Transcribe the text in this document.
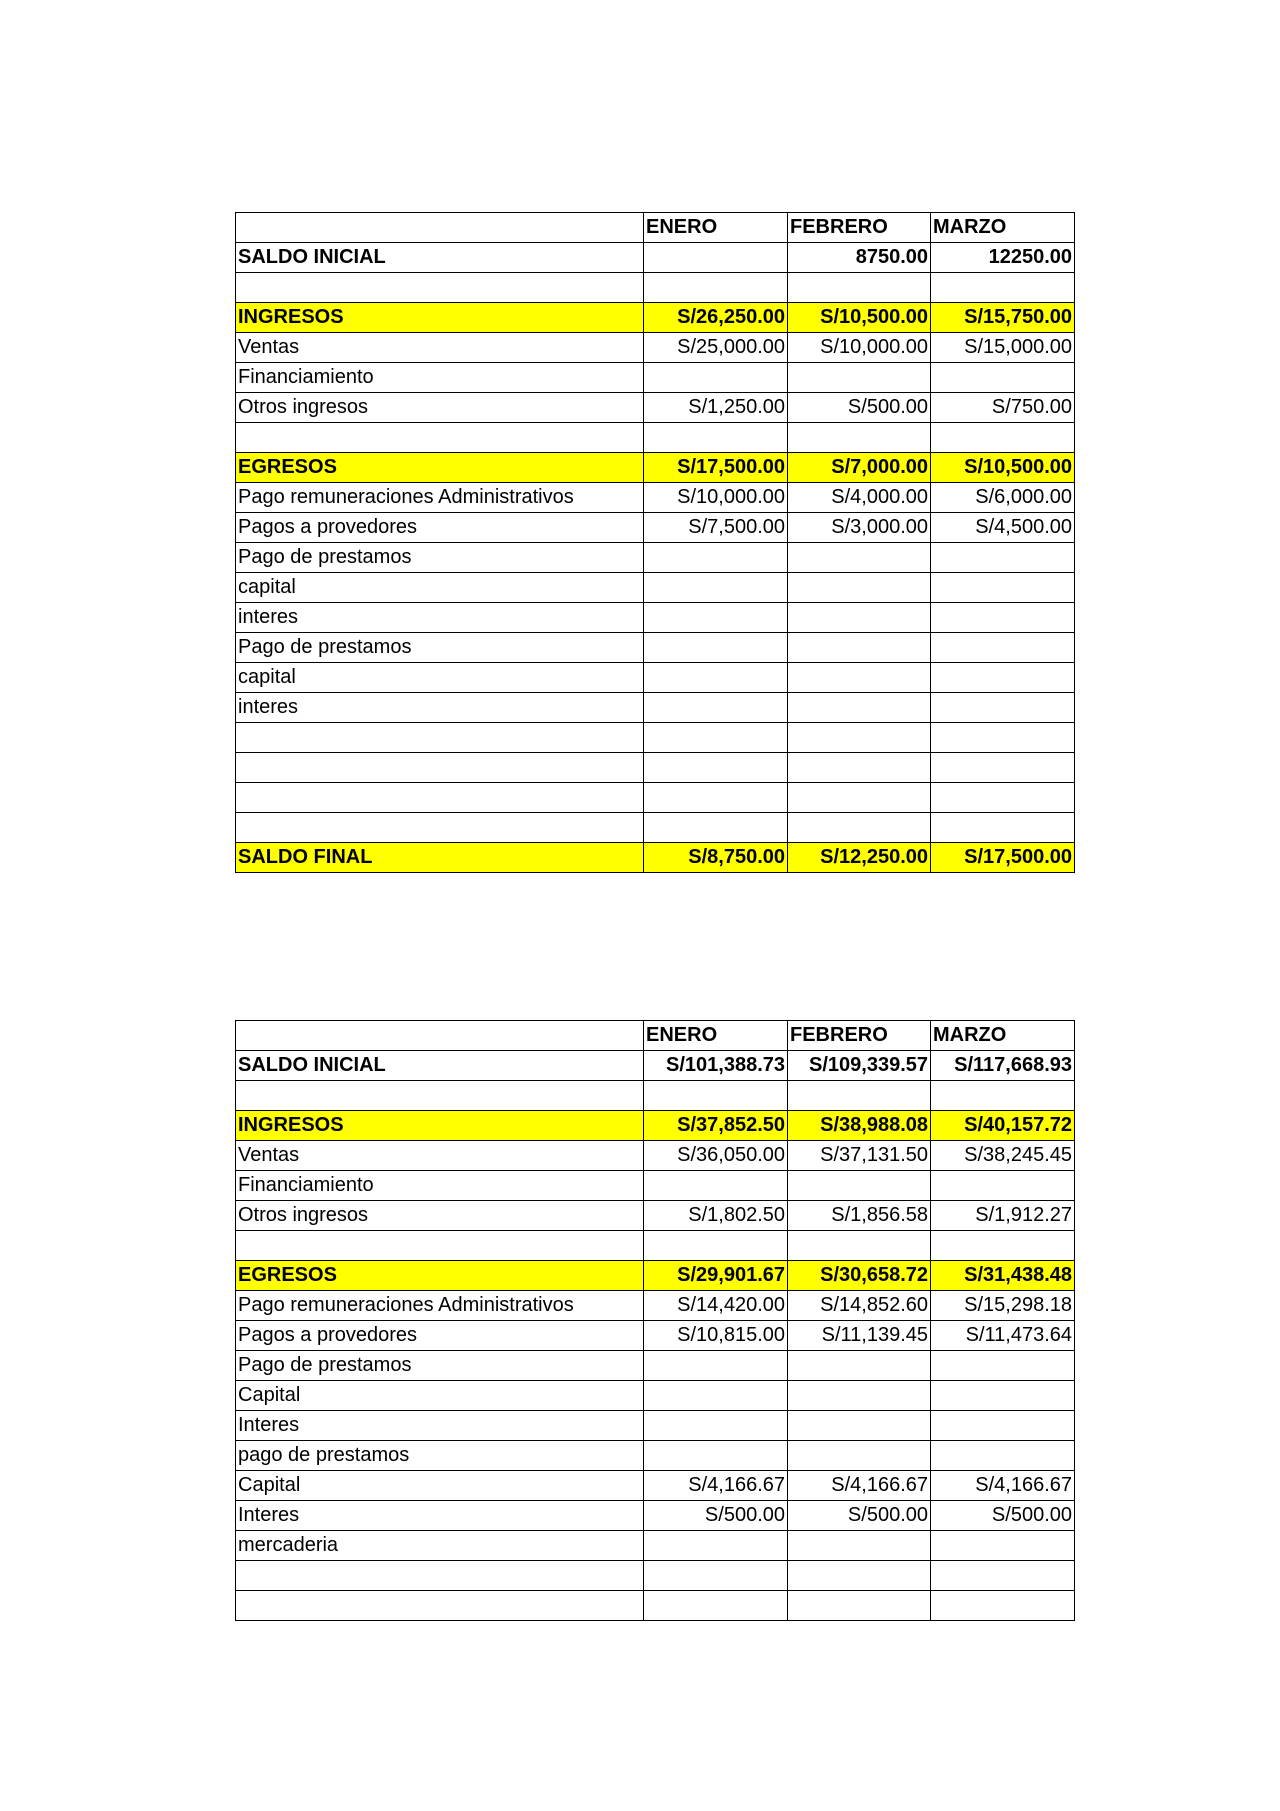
	ENERO	FEBRERO	MARZO
SALDO INICIAL		8750.00	12250.00

INGRESOS	S/26,250.00	S/10,500.00	S/15,750.00
Ventas	S/25,000.00	S/10,000.00	S/15,000.00
Financiamiento			
Otros ingresos	S/1,250.00	S/500.00	S/750.00

EGRESOS	S/17,500.00	S/7,000.00	S/10,500.00
Pago remuneraciones Administrativos	S/10,000.00	S/4,000.00	S/6,000.00
Pagos a provedores	S/7,500.00	S/3,000.00	S/4,500.00
Pago de prestamos			
capital			
interes			
Pago de prestamos			
capital			
interes			

SALDO FINAL	S/8,750.00	S/12,250.00	S/17,500.00
	ENERO	FEBRERO	MARZO
SALDO INICIAL	S/101,388.73	S/109,339.57	S/117,668.93

INGRESOS	S/37,852.50	S/38,988.08	S/40,157.72
Ventas	S/36,050.00	S/37,131.50	S/38,245.45
Financiamiento			
Otros ingresos	S/1,802.50	S/1,856.58	S/1,912.27

EGRESOS	S/29,901.67	S/30,658.72	S/31,438.48
Pago remuneraciones Administrativos	S/14,420.00	S/14,852.60	S/15,298.18
Pagos a provedores	S/10,815.00	S/11,139.45	S/11,473.64
Pago de prestamos			
Capital			
Interes			
pago de prestamos			
Capital	S/4,166.67	S/4,166.67	S/4,166.67
Interes	S/500.00	S/500.00	S/500.00
mercaderia			
